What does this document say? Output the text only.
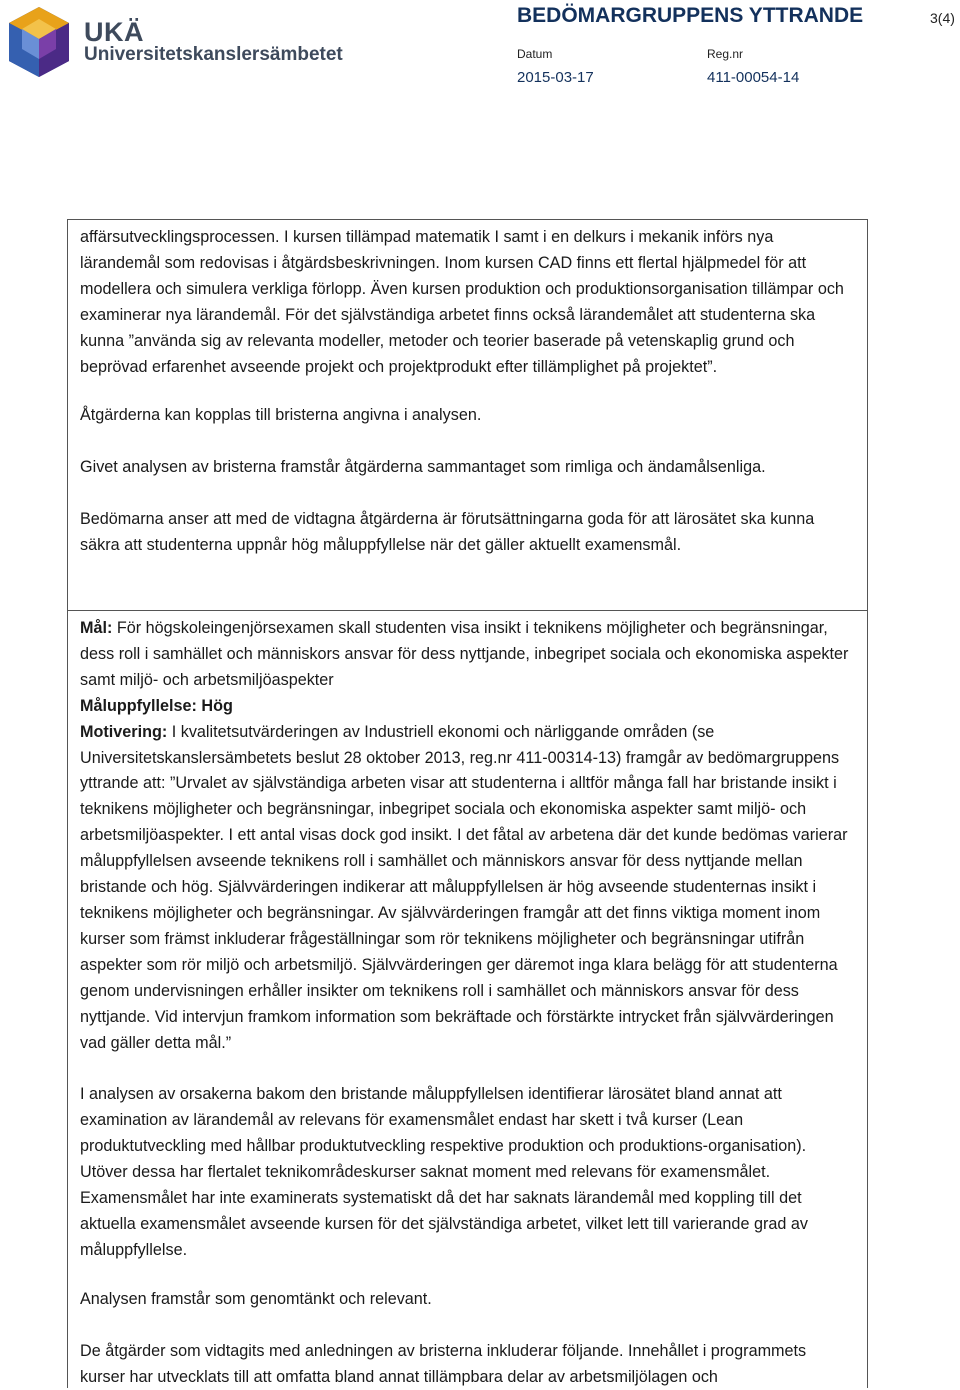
UKÄ
Universitetskanslersämbetet
BEDÖMARGRUPPENS YTTRANDE	3(4)
Datum	Reg.nr
2015-03-17	411-00054-14

affärsutvecklingsprocessen. I kursen tillämpad matematik I samt i en delkurs i mekanik införs nya lärandemål som redovisas i åtgärdsbeskrivningen. Inom kursen CAD finns ett flertal hjälpmedel för att modellera och simulera verkliga förlopp. Även kursen produktion och produktionsorganisation tillämpar och examinerar nya lärandemål. För det självständiga arbetet finns också lärandemålet att studenterna ska kunna ”använda sig av relevanta modeller, metoder och teorier baserade på vetenskaplig grund och beprövad erfarenhet avseende projekt och projektprodukt efter tillämplighet på projektet”.

Åtgärderna kan kopplas till bristerna angivna i analysen.

Givet analysen av bristerna framstår åtgärderna sammantaget som rimliga och ändamålsenliga.

Bedömarna anser att med de vidtagna åtgärderna är förutsättningarna goda för att lärosätet ska kunna säkra att studenterna uppnår hög måluppfyllelse när det gäller aktuellt examensmål.

Mål: För högskoleingenjörsexamen skall studenten visa insikt i teknikens möjligheter och begränsningar, dess roll i samhället och människors ansvar för dess nyttjande, inbegripet sociala och ekonomiska aspekter samt miljö- och arbetsmiljöaspekter

Måluppfyllelse: Hög

Motivering: I kvalitetsutvärderingen av Industriell ekonomi och närliggande områden (se Universitetskanslersämbetets beslut 28 oktober 2013, reg.nr 411-00314-13) framgår av bedömargruppens yttrande att: ”Urvalet av självständiga arbeten visar att studenterna i alltför många fall har bristande insikt i teknikens möjligheter och begränsningar, inbegripet sociala och ekonomiska aspekter samt miljö- och arbetsmiljöaspekter. I ett antal visas dock god insikt. I det fåtal av arbetena där det kunde bedömas varierar måluppfyllelsen avseende teknikens roll i samhället och människors ansvar för dess nyttjande mellan bristande och hög. Självvärderingen indikerar att måluppfyllelsen är hög avseende studenternas insikt i teknikens möjligheter och begränsningar. Av självvärderingen framgår att det finns viktiga moment inom kurser som främst inkluderar frågeställningar som rör teknikens möjligheter och begränsningar utifrån aspekter som rör miljö och arbetsmiljö. Självvärderingen ger däremot inga klara belägg för att studenterna genom undervisningen erhåller insikter om teknikens roll i samhället och människors ansvar för dess nyttjande. Vid intervjun framkom information som bekräftade och förstärkte intrycket från självvärderingen vad gäller detta mål.”

I analysen av orsakerna bakom den bristande måluppfyllelsen identifierar lärosätet bland annat att examination av lärandemål av relevans för examensmålet endast har skett i två kurser (Lean produktutveckling med hållbar produktutveckling respektive produktion och produktions-organisation). Utöver dessa har flertalet teknikområdeskurser saknat moment med relevans för examensmålet. Examensmålet har inte examinerats systematiskt då det har saknats lärandemål med koppling till det aktuella examensmålet avseende kursen för det självständiga arbetet, vilket lett till varierande grad av måluppfyllelse.

Analysen framstår som genomtänkt och relevant.

De åtgärder som vidtagits med anledningen av bristerna inkluderar följande. Innehållet i programmets kurser har utvecklats till att omfatta bland annat tillämpbara delar av arbetsmiljölagen och
